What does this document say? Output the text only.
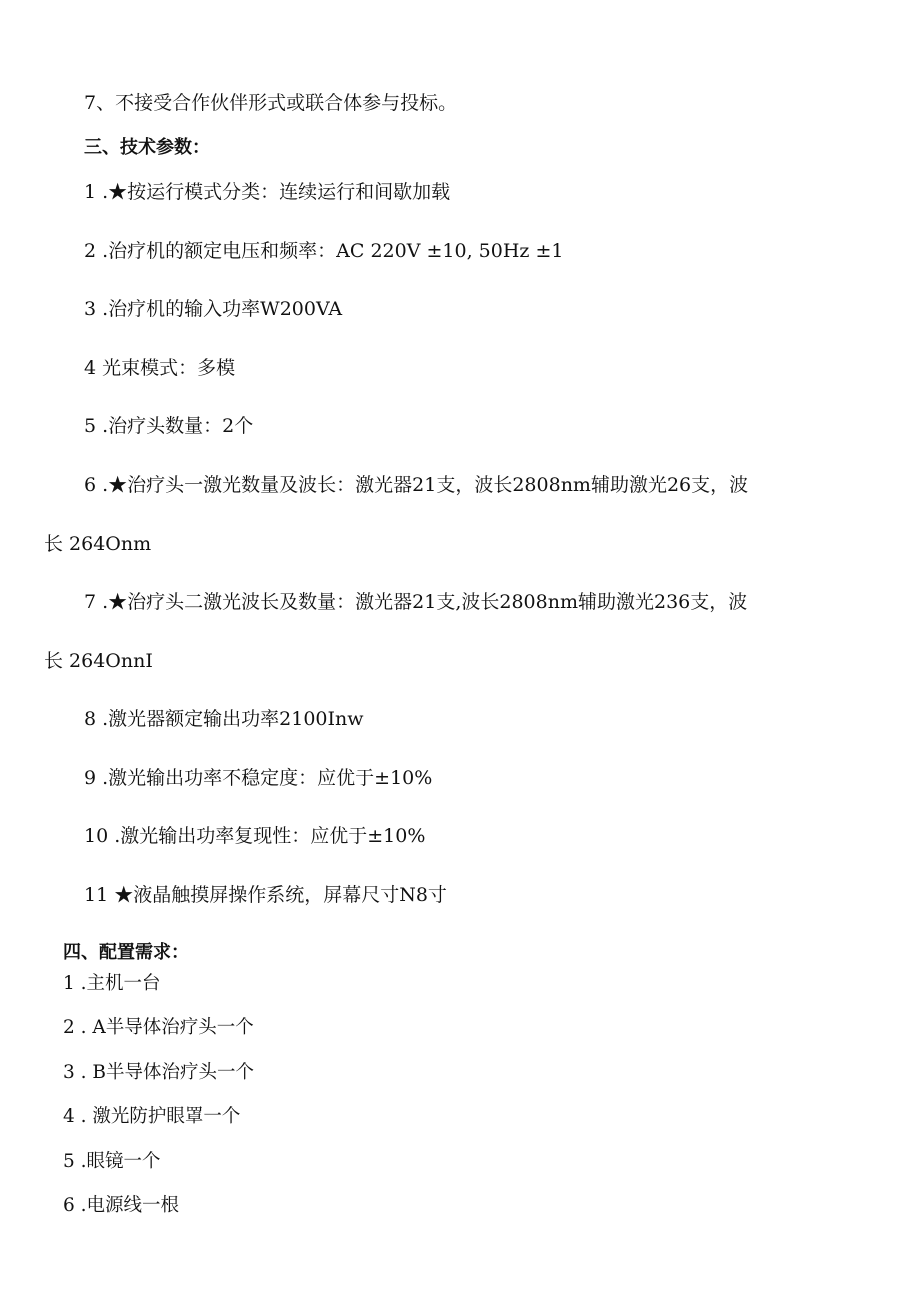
7、不接受合作伙伴形式或联合体参与投标。
三、技术参数：
1 .★按运行模式分类：连续运行和间歇加载
2 .治疗机的额定电压和频率：AC 220V ±10, 50Hz ±1
3 .治疗机的输入功率W200VA
4 光束模式：多模
5 .治疗头数量：2个
6 .★治疗头一激光数量及波长：激光器21支，波长2808nm辅助激光26支，波
长 264Onm
7 .★治疗头二激光波长及数量：激光器21支,波长2808nm辅助激光236支，波
长 264OnnI
8 .激光器额定输出功率2100Inw
9 .激光输出功率不稳定度：应优于±10%
10 .激光输出功率复现性：应优于±10%
11 ★液晶触摸屏操作系统，屏幕尺寸N8寸
四、配置需求：
1 .主机一台
2 . A半导体治疗头一个
3 . B半导体治疗头一个
4 . 激光防护眼罩一个
5 .眼镜一个
6 .电源线一根
